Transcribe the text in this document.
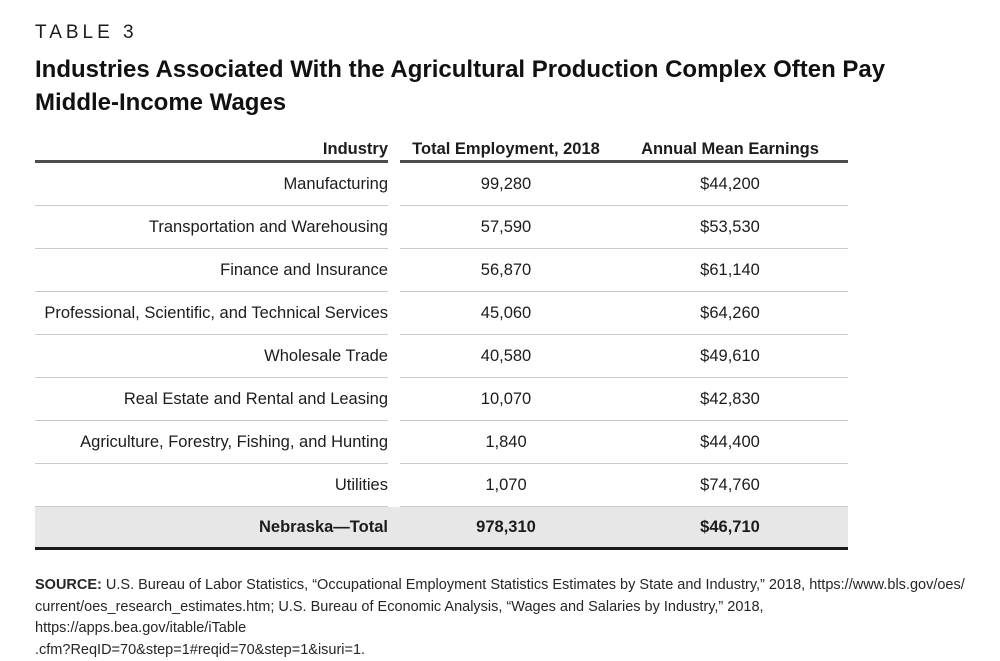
TABLE 3
Industries Associated With the Agricultural Production Complex Often Pay
Middle-Income Wages
Industry	Total Employment, 2018	Annual Mean Earnings
Manufacturing	99,280	$44,200
Transportation and Warehousing	57,590	$53,530
Finance and Insurance	56,870	$61,140
Professional, Scientific, and Technical Services	45,060	$64,260
Wholesale Trade	40,580	$49,610
Real Estate and Rental and Leasing	10,070	$42,830
Agriculture, Forestry, Fishing, and Hunting	1,840	$44,400
Utilities	1,070	$74,760
Nebraska—Total	978,310	$46,710
SOURCE: U.S. Bureau of Labor Statistics, “Occupational Employment Statistics Estimates by State and Industry,” 2018, https://www.bls.gov/oes/
current/oes_research_estimates.htm; U.S. Bureau of Economic Analysis, “Wages and Salaries by Industry,” 2018, https://apps.bea.gov/itable/iTable
.cfm?ReqID=70&step=1#reqid=70&step=1&isuri=1.
